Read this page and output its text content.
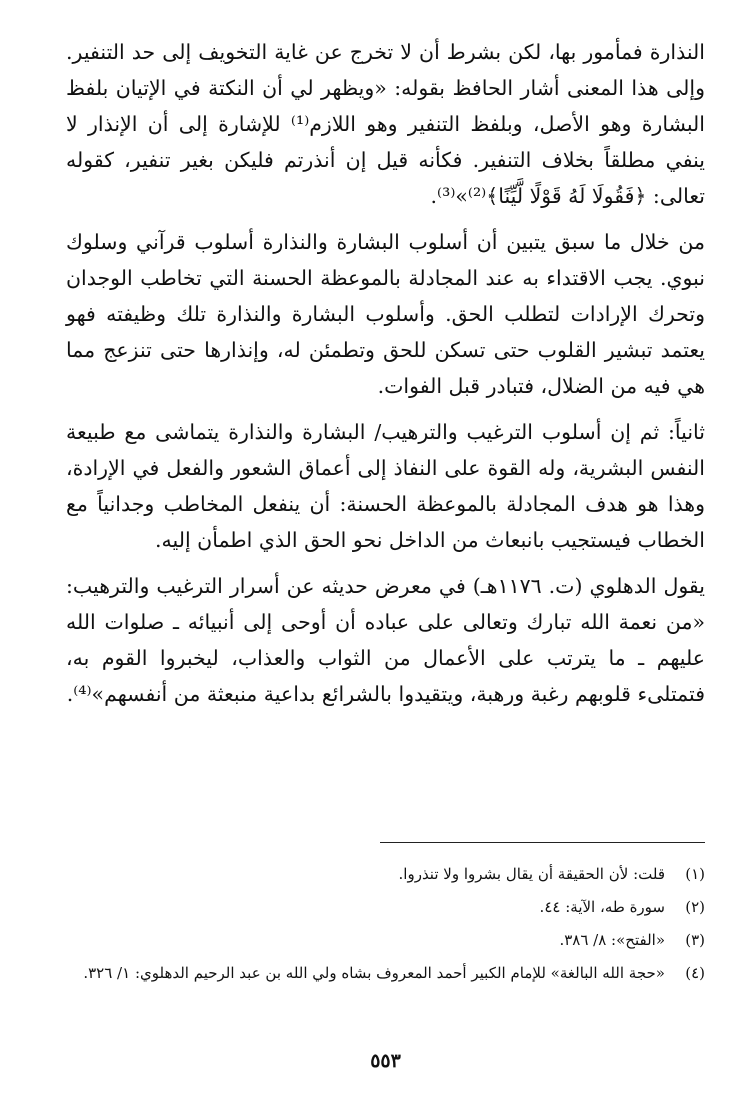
النذارة فمأمور بها، لكن بشرط أن لا تخرج عن غاية التخويف إلى حد التنفير. وإلى هذا المعنى أشار الحافظ بقوله: «ويظهر لي أن النكتة في الإتيان بلفظ البشارة وهو الأصل، وبلفظ التنفير وهو اللازم⁽¹⁾ للإشارة إلى أن الإنذار لا ينفي مطلقاً بخلاف التنفير. فكأنه قيل إن أنذرتم فليكن بغير تنفير، كقوله تعالى: ﴿فَقُولَا لَهُ قَوْلًا لَّيِّنًا﴾⁽²⁾»⁽³⁾.

من خلال ما سبق يتبين أن أسلوب البشارة والنذارة أسلوب قرآني وسلوك نبوي. يجب الاقتداء به عند المجادلة بالموعظة الحسنة التي تخاطب الوجدان وتحرك الإرادات لتطلب الحق. وأسلوب البشارة والنذارة تلك وظيفته فهو يعتمد تبشير القلوب حتى تسكن للحق وتطمئن له، وإنذارها حتى تنزعج مما هي فيه من الضلال، فتبادر قبل الفوات.

ثانياً: ثم إن أسلوب الترغيب والترهيب/ البشارة والنذارة يتماشى مع طبيعة النفس البشرية، وله القوة على النفاذ إلى أعماق الشعور والفعل في الإرادة، وهذا هو هدف المجادلة بالموعظة الحسنة: أن ينفعل المخاطب وجدانياً مع الخطاب فيستجيب بانبعاث من الداخل نحو الحق الذي اطمأن إليه.

يقول الدهلوي (ت. ١١٧٦هـ) في معرض حديثه عن أسرار الترغيب والترهيب: «من نعمة الله تبارك وتعالى على عباده أن أوحى إلى أنبيائه ـ صلوات الله عليهم ـ ما يترتب على الأعمال من الثواب والعذاب، ليخبروا القوم به، فتمتلىء قلوبهم رغبة ورهبة، ويتقيدوا بالشرائع بداعية منبعثة من أنفسهم»⁽⁴⁾.

(١)
قلت: لأن الحقيقة أن يقال بشروا ولا تنذروا.
(٢)
سورة طه، الآية: ٤٤.
(٣)
«الفتح»: ٨/ ٣٨٦.
(٤)
«حجة الله البالغة» للإمام الكبير أحمد المعروف بشاه ولي الله بن عبد الرحيم الدهلوي: ١/ ٣٢٦.
٥٥٣
